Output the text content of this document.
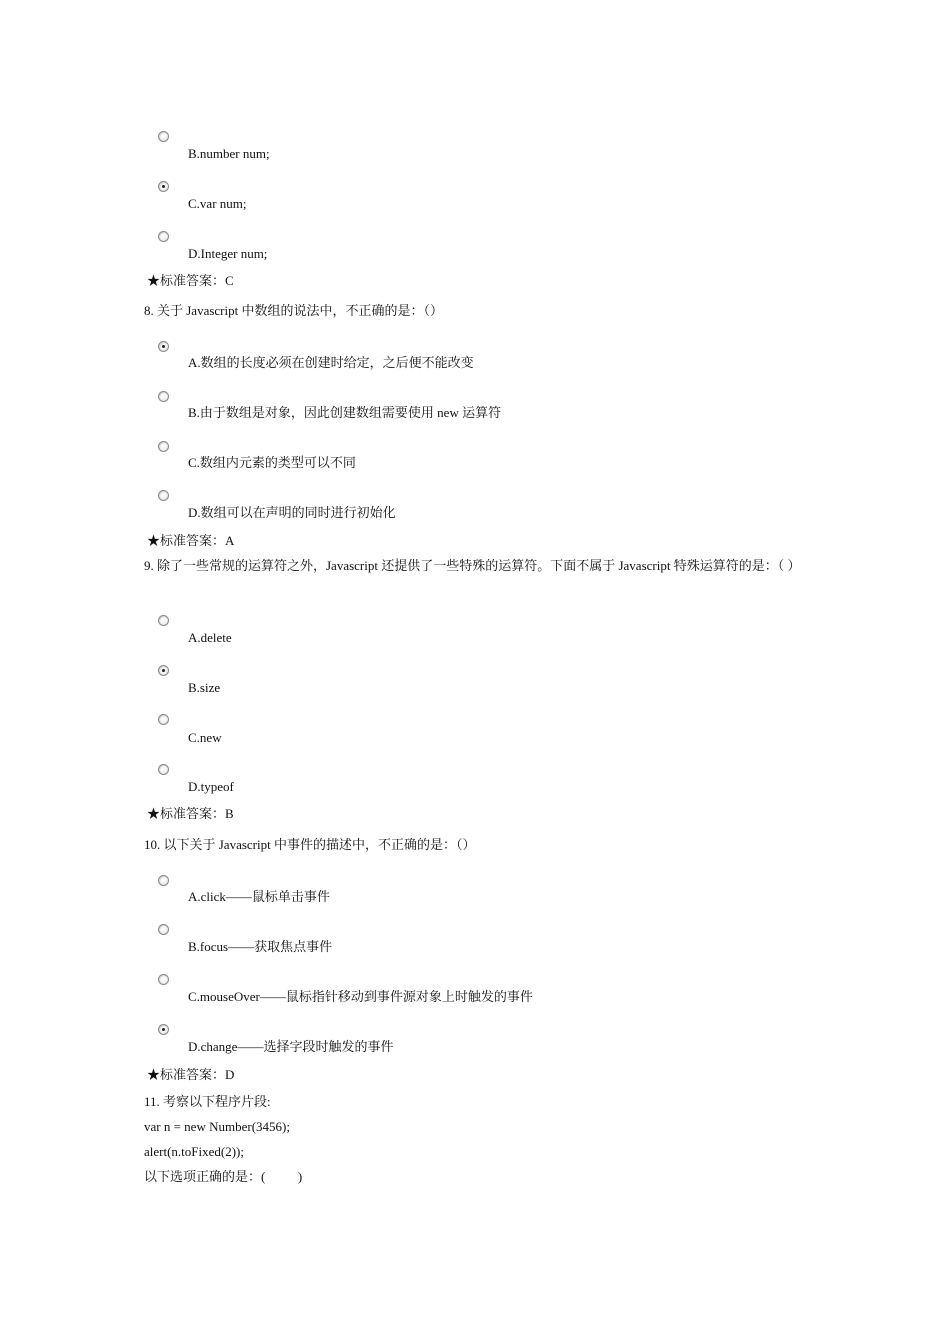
B.number num;
C.var num;
D.Integer num;
★标准答案：C
8. 关于 Javascript 中数组的说法中，不正确的是：（）
A.数组的长度必须在创建时给定，之后便不能改变
B.由于数组是对象，因此创建数组需要使用 new 运算符
C.数组内元素的类型可以不同
D.数组可以在声明的同时进行初始化
★标准答案：A
9. 除了一些常规的运算符之外，Javascript 还提供了一些特殊的运算符。下面不属于 Javascript 特殊运算符的是：（ ）
A.delete
B.size
C.new
D.typeof
★标准答案：B
10. 以下关于 Javascript 中事件的描述中，不正确的是：（）
A.click——鼠标单击事件
B.focus——获取焦点事件
C.mouseOver——鼠标指针移动到事件源对象上时触发的事件
D.change——选择字段时触发的事件
★标准答案：D
11. 考察以下程序片段:
var n = new Number(3456);
alert(n.toFixed(2));
以下选项正确的是：(          )
